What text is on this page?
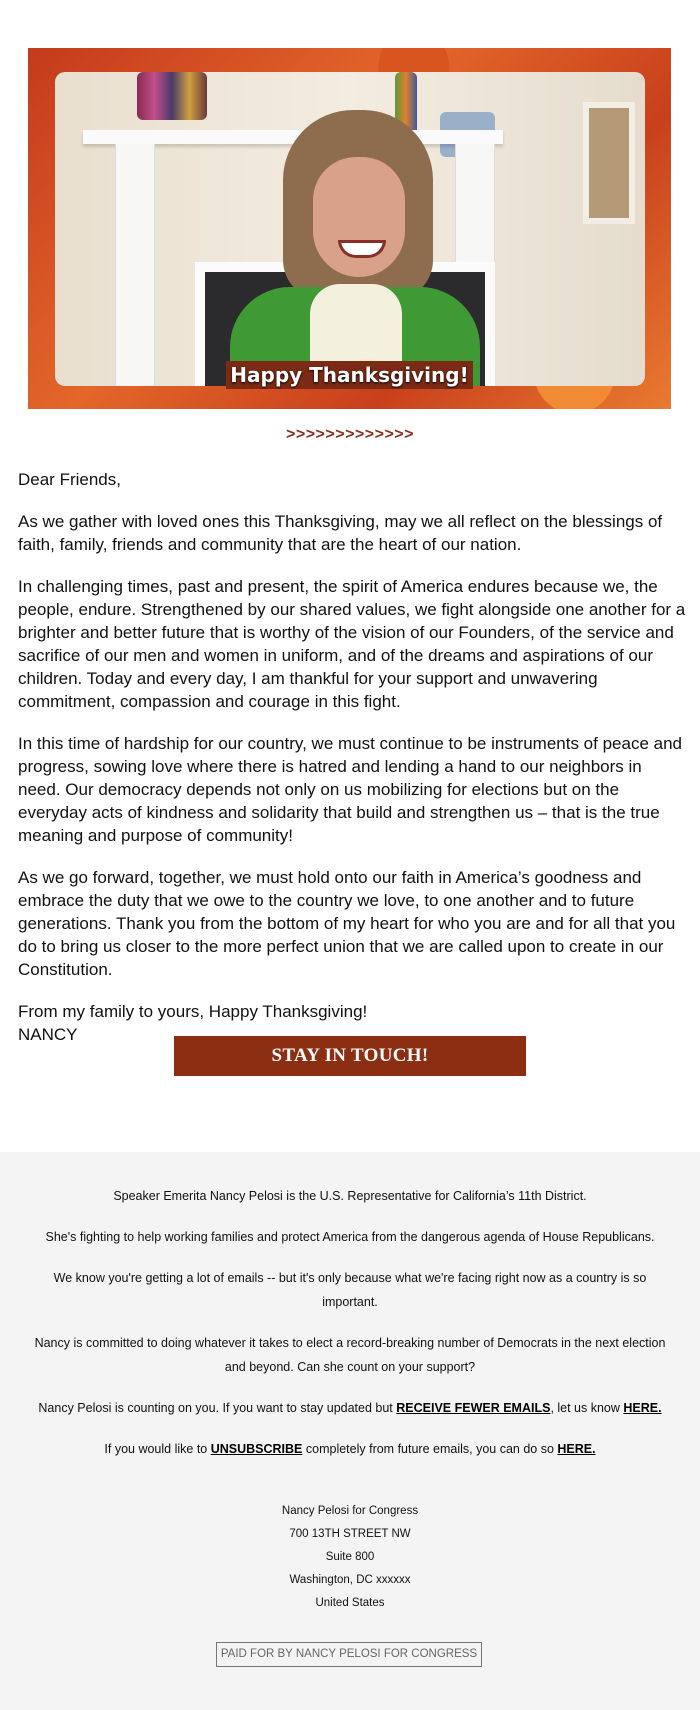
Happy Thanksgiving!
>>>>>>>>>>>>>

Dear Friends,

As we gather with loved ones this Thanksgiving, may we all reflect on the blessings of faith, family, friends and community that are the heart of our nation.

In challenging times, past and present, the spirit of America endures because we, the people, endure. Strengthened by our shared values, we fight alongside one another for a brighter and better future that is worthy of the vision of our Founders, of the service and sacrifice of our men and women in uniform, and of the dreams and aspirations of our children. Today and every day, I am thankful for your support and unwavering commitment, compassion and courage in this fight.

In this time of hardship for our country, we must continue to be instruments of peace and progress, sowing love where there is hatred and lending a hand to our neighbors in need. Our democracy depends not only on us mobilizing for elections but on the everyday acts of kindness and solidarity that build and strengthen us – that is the true meaning and purpose of community!

As we go forward, together, we must hold onto our faith in America’s goodness and embrace the duty that we owe to the country we love, to one another and to future generations. Thank you from the bottom of my heart for who you are and for all that you do to bring us closer to the more perfect union that we are called upon to create in our Constitution.

From my family to yours, Happy Thanksgiving!
NANCY

STAY IN TOUCH!

Speaker Emerita Nancy Pelosi is the U.S. Representative for California’s 11th District.

She's fighting to help working families and protect America from the dangerous agenda of House Republicans.

We know you're getting a lot of emails -- but it's only because what we're facing right now as a country is so important.

Nancy is committed to doing whatever it takes to elect a record-breaking number of Democrats in the next election and beyond. Can she count on your support?

Nancy Pelosi is counting on you. If you want to stay updated but RECEIVE FEWER EMAILS, let us know HERE.

If you would like to UNSUBSCRIBE completely from future emails, you can do so HERE.

Nancy Pelosi for Congress
700 13TH STREET NW
Suite 800
Washington, DC xxxxxx
United States
PAID FOR BY NANCY PELOSI FOR CONGRESS
